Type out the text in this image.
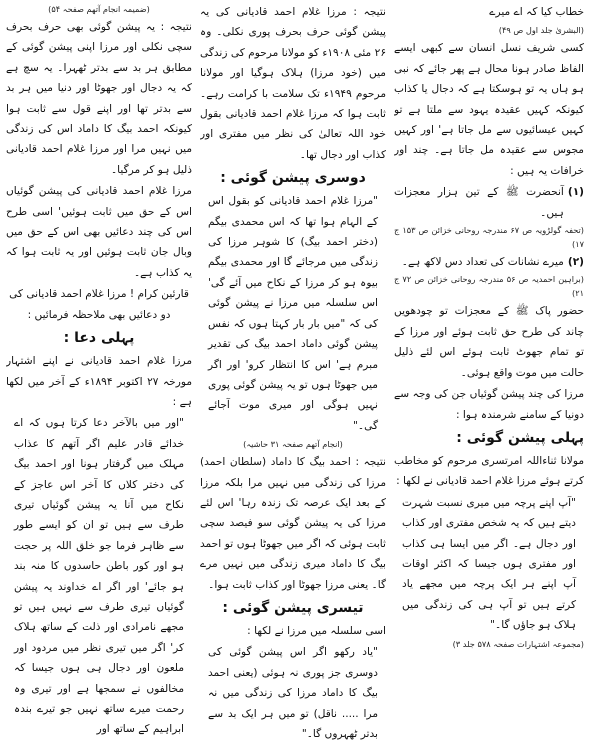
خطاب کیا کہ اے میرے

(البشریٰ جلد اول ص ۴۹)

کسی شریف نسل انسان سے کبھی ایسے الفاظ صادر ہونا محال ہے پھر جائے کہ نبی ہو ہاں یہ تو ہوسکتا ہے کہ دجال یا کذاب کیونکہ کہیں عقیدہ یہود سے ملتا ہے تو کہیں عیسائیوں سے مل جاتا ہے' اور کہیں مجوس سے عقیدہ مل جاتا ہے۔ چند اور خرافات یہ ہیں :

(۱)
آنحضرت ﷺ کے تین ہزار معجزات ہیں۔

(تحفہ گولڑویہ ص ۶۷ مندرجہ روحانی خزائن ص ۱۵۳ ج ۱۷)

(۲)
میرے نشانات کی تعداد دس لاکھ ہے۔

(براہین احمدیہ ص ۵۶ مندرجہ روحانی خزائن ص ۷۲ ج ۲۱)

حضور پاک ﷺ کے معجزات تو چودھویں چاند کی طرح حق ثابت ہوئے اور مرزا کے تو تمام جھوٹ ثابت ہوئے اس لئے ذلیل حالت میں موت واقع ہوئی۔

مرزا کی چند پیشن گوئیاں جن کی وجہ سے دونیا کے سامنے شرمندہ ہوا :

پہلی پیشن گوئی :

مولانا ثناءاللہ امرتسری مرحوم کو مخاطب کرتے ہوئے مرزا غلام احمد قادیانی نے لکھا :

"آپ اپنے پرچہ میں میری نسبت شہرت دیتے ہیں کہ یہ شخص مفتری اور کذاب اور دجال ہے۔ اگر میں ایسا ہی کذاب اور مفتری ہوں جیسا کہ اکثر اوقات آپ اپنے ہر ایک پرچہ میں مجھے یاد کرتے ہیں تو آپ ہی کی زندگی میں ہلاک ہو جاؤں گا۔"

(مجموعہ اشتہارات صفحہ ۵۷۸ جلد ۳)

نتیجہ : مرزا غلام احمد قادیانی کی یہ پیشن گوئی حرف بحرف پوری نکلی۔ وہ ۲۶ مئی ۱۹۰۸ء کو مولانا مرحوم کی زندگی میں (خود مرزا) ہلاک ہوگیا اور مولانا مرحوم ۱۹۴۹ء تک سلامت با کرامت رہے۔ ثابت ہوا کہ مرزا غلام احمد قادیانی بقول خود اللہ تعالیٰ کی نظر میں مفتری اور کذاب اور دجال تھا۔

دوسری پیشن گوئی :

"مرزا غلام احمد قادیانی کو بقول اس کے الہام ہوا تھا کہ اس محمدی بیگم (دختر احمد بیگ) کا شوہر مرزا کی زندگی میں مرجائے گا اور محمدی بیگم بیوہ ہو کر مرزا کے نکاح میں آئے گی' اس سلسلہ میں مرزا نے پیشن گوئی کی کہ "میں بار بار کہتا ہوں کہ نفس پیشن گوئی داماد احمد بیگ کی تقدیر مبرم ہے' اس کا انتظار کرو' اور اگر میں جھوٹا ہوں تو یہ پیشن گوئی پوری نہیں ہوگی اور میری موت آجائے گی۔"

(انجام آتھم صفحہ ۳۱ حاشیہ)

نتیجہ : احمد بیگ کا داماد (سلطان احمد) مرزا کی زندگی میں نہیں مرا بلکہ مرزا کے بعد ایک عرصہ تک زندہ رہا' اس لئے مرزا کی یہ پیشن گوئی سو فیصد سچی ثابت ہوئی کہ اگر میں جھوٹا ہوں تو احمد بیگ کا داماد میری زندگی میں نہیں مرے گا۔ یعنی مرزا جھوٹا اور کذاب ثابت ہوا۔

تیسری پیشن گوئی :

اسی سلسلہ میں مرزا نے لکھا :

"یاد رکھو اگر اس پیشن گوئی کی دوسری جز پوری نہ ہوئی (یعنی احمد بیگ کا داماد مرزا کی زندگی میں نہ مرا ..... ناقل) تو میں ہر ایک بد سے بدتر ٹھہروں گا۔"

(ضمیمہ انجام آتھم صفحہ ۵۴)

نتیجہ : یہ پیشن گوئی بھی حرف بحرف سچی نکلی اور مرزا اپنی پیشن گوئی کے مطابق ہر بد سے بدتر ٹھہرا۔ یہ سچ ہے کہ یہ دجال اور جھوٹا اور دنیا میں ہر بد سے بدتر تھا اور اپنے قول سے ثابت ہوا کیونکہ احمد بیگ کا داماد اس کی زندگی میں نہیں مرا اور مرزا غلام احمد قادیانی ذلیل ہو کر مرگیا۔

مرزا غلام احمد قادیانی کی پیشن گوئیاں اس کے حق میں ثابت ہوئیں' اسی طرح اس کی چند دعائیں بھی اس کے حق میں وبال جان ثابت ہوئیں اور یہ ثابت ہوا کہ یہ کذاب ہے۔

قارئین کرام ! مرزا غلام احمد قادیانی کی دو دعائیں بھی ملاحظہ فرمائیں :

پہلی دعا :

مرزا غلام احمد قادیانی نے اپنے اشتہار مورخہ ۲۷ اکتوبر ۱۸۹۴ء کے آخر میں لکھا ہے :

"اور میں بالآخر دعا کرتا ہوں کہ اے خدائے قادر علیم اگر آتھم کا عذاب مہلک میں گرفتار ہونا اور احمد بیگ کی دختر کلاں کا آخر اس عاجز کے نکاح میں آنا یہ پیشن گوئیاں تیری طرف سے ہیں تو ان کو ایسے طور سے ظاہر فرما جو خلق اللہ پر حجت ہو اور کور باطن حاسدوں کا منہ بند ہو جائے' اور اگر اے خداوند یہ پیشن گوئیاں تیری طرف سے نہیں ہیں تو مجھے نامرادی اور ذلت کے ساتھ ہلاک کر' اگر میں تیری نظر میں مردود اور ملعون اور دجال ہی ہوں جیسا کہ مخالفوں نے سمجھا ہے اور تیری وہ رحمت میرے ساتھ نہیں جو تیرے بندہ ابراہیم کے ساتھ اور
